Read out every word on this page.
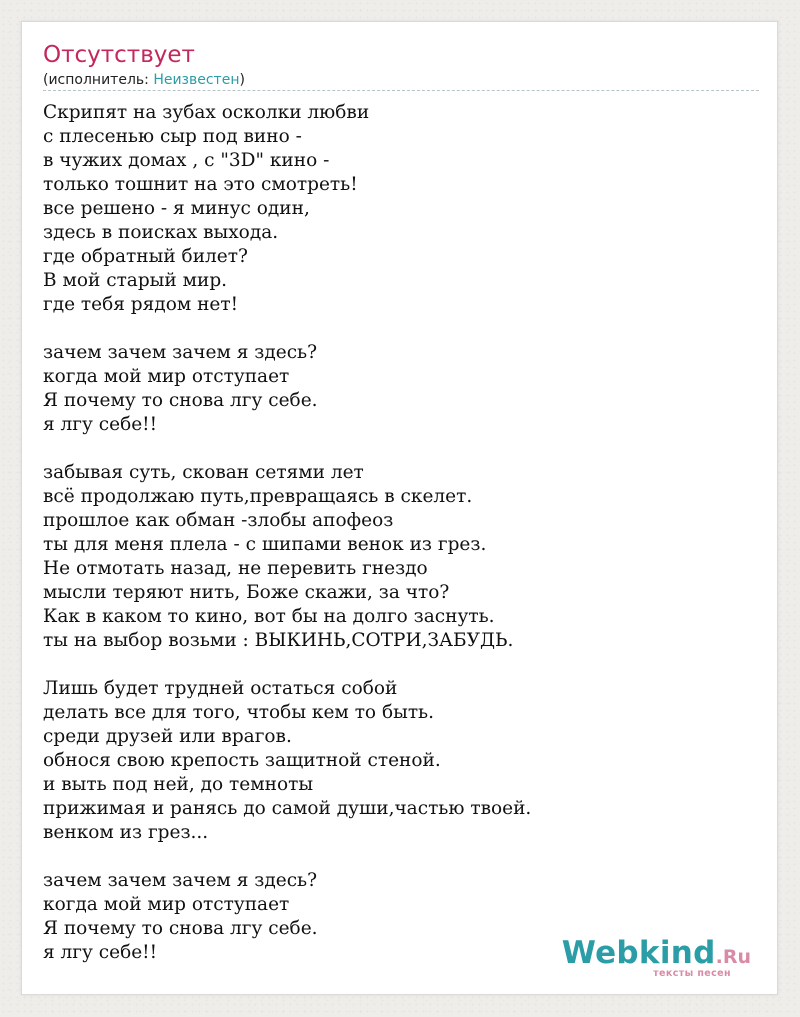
Отсутствует
(исполнитель: Неизвестен)
Скрипят на зубах осколки любви
с плесенью сыр под вино -
в чужих домах , с "3D" кино -
только тошнит на это смотреть!
все решено - я минус один,
здесь в поисках выхода.
где обратный билет?
В мой старый мир.
где тебя рядом нет!
зачем зачем зачем я здесь?
когда мой мир отступает
Я почему то снова лгу себе.
я лгу себе!!
забывая суть, скован сетями лет
всё продолжаю путь,превращаясь в скелет.
прошлое как обман -злобы апофеоз
ты для меня плела - с шипами венок из грез.
Не отмотать назад, не перевить гнездо
мысли теряют нить, Боже скажи, за что?
Как в каком то кино, вот бы на долго заснуть.
ты на выбор возьми : ВЫКИНЬ,СОТРИ,ЗАБУДЬ.
Лишь будет трудней остаться собой
делать все для того, чтобы кем то быть.
среди друзей или врагов.
обнося свою крепость защитной стеной.
и выть под ней, до темноты
прижимая и ранясь до самой души,частью твоей.
венком из грез...
зачем зачем зачем я здесь?
когда мой мир отступает
Я почему то снова лгу себе.
я лгу себе!!	Webkind.Ru
тексты песен
